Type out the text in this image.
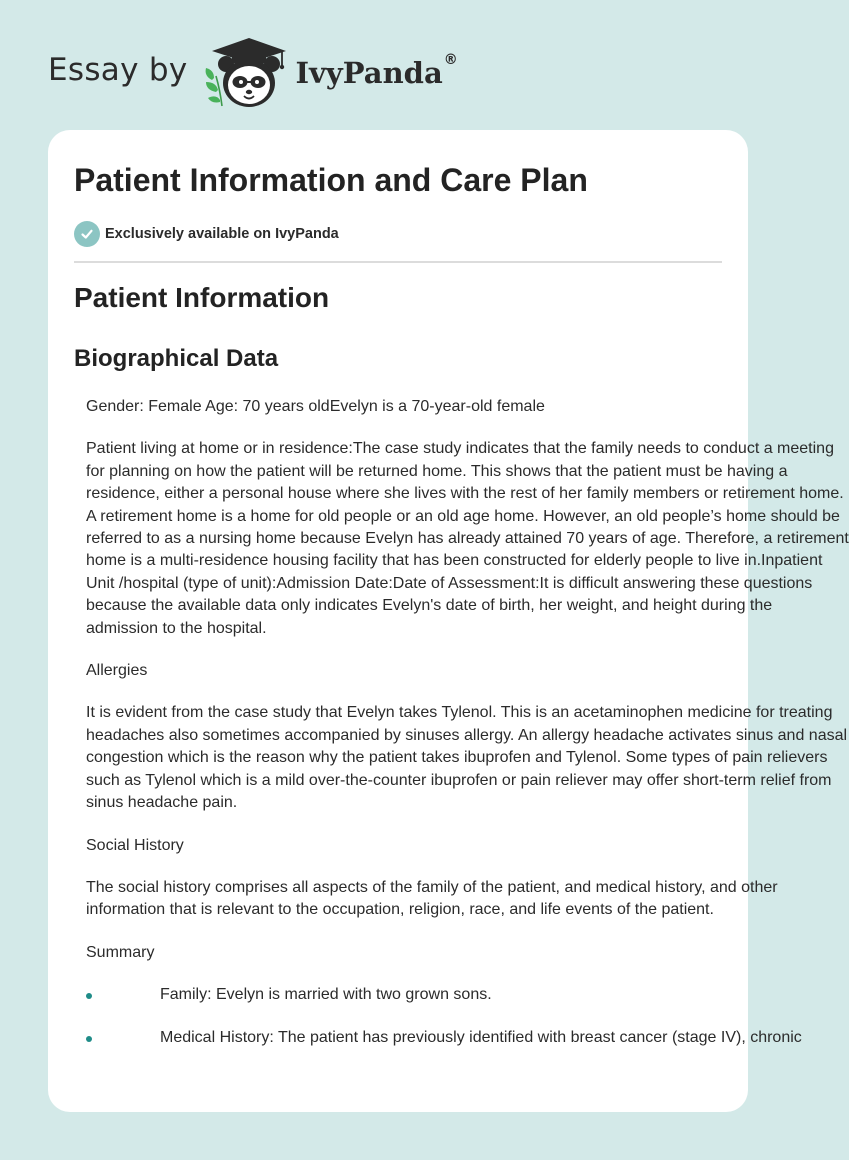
Essay by	IvyPanda®
Patient Information and Care Plan
Exclusively available on IvyPanda
Patient Information
Biographical Data

Gender: Female Age: 70 years oldEvelyn is a 70-year-old female

Patient living at home or in residence:The case study indicates that the family needs to conduct a meeting
for planning on how the patient will be returned home. This shows that the patient must be having a
residence, either a personal house where she lives with the rest of her family members or retirement home.
A retirement home is a home for old people or an old age home. However, an old people’s home should be
referred to as a nursing home because Evelyn has already attained 70 years of age. Therefore, a retirement
home is a multi-residence housing facility that has been constructed for elderly people to live in.Inpatient
Unit /hospital (type of unit):Admission Date:Date of Assessment:It is difficult answering these questions
because the available data only indicates Evelyn's date of birth, her weight, and height during the
admission to the hospital.

Allergies

It is evident from the case study that Evelyn takes Tylenol. This is an acetaminophen medicine for treating
headaches also sometimes accompanied by sinuses allergy. An allergy headache activates sinus and nasal
congestion which is the reason why the patient takes ibuprofen and Tylenol. Some types of pain relievers
such as Tylenol which is a mild over-the-counter ibuprofen or pain reliever may offer short-term relief from
sinus headache pain.

Social History

The social history comprises all aspects of the family of the patient, and medical history, and other
information that is relevant to the occupation, religion, race, and life events of the patient.

Summary

Family: Evelyn is married with two grown sons.
Medical History: The patient has previously identified with breast cancer (stage IV), chronic
